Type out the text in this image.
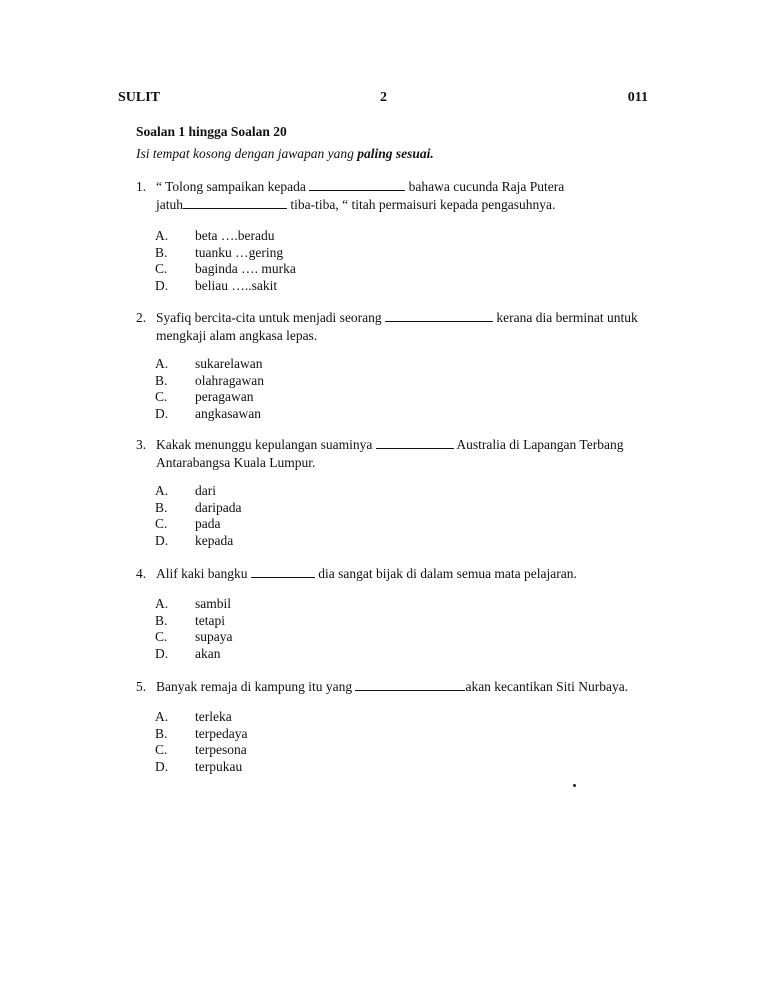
SULIT	2	011
Soalan 1 hingga Soalan 20
Isi tempat kosong dengan jawapan yang paling sesuai.
1. “ Tolong sampaikan kepada	bahawa cucunda Raja Putera
jatuh	tiba-tiba, “ titah permaisuri kepada pengasuhnya.
A. beta ….beradu
B. tuanku …gering
C. baginda …. murka
D. beliau …..sakit
2. Syafiq bercita-cita untuk menjadi seorang	kerana dia berminat untuk
mengkaji alam angkasa lepas.
A. sukarelawan
B. olahragawan
C. peragawan
D. angkasawan
3. Kakak menunggu kepulangan suaminya	Australia di Lapangan Terbang
Antarabangsa Kuala Lumpur.
A. dari
B. daripada
C. pada
D. kepada
4. Alif kaki bangku	dia sangat bijak di dalam semua mata pelajaran.
A. sambil
B. tetapi
C. supaya
D. akan
5. Banyak remaja di kampung itu yang	akan kecantikan Siti Nurbaya.
A. terleka
B. terpedaya
C. terpesona
D. terpukau
